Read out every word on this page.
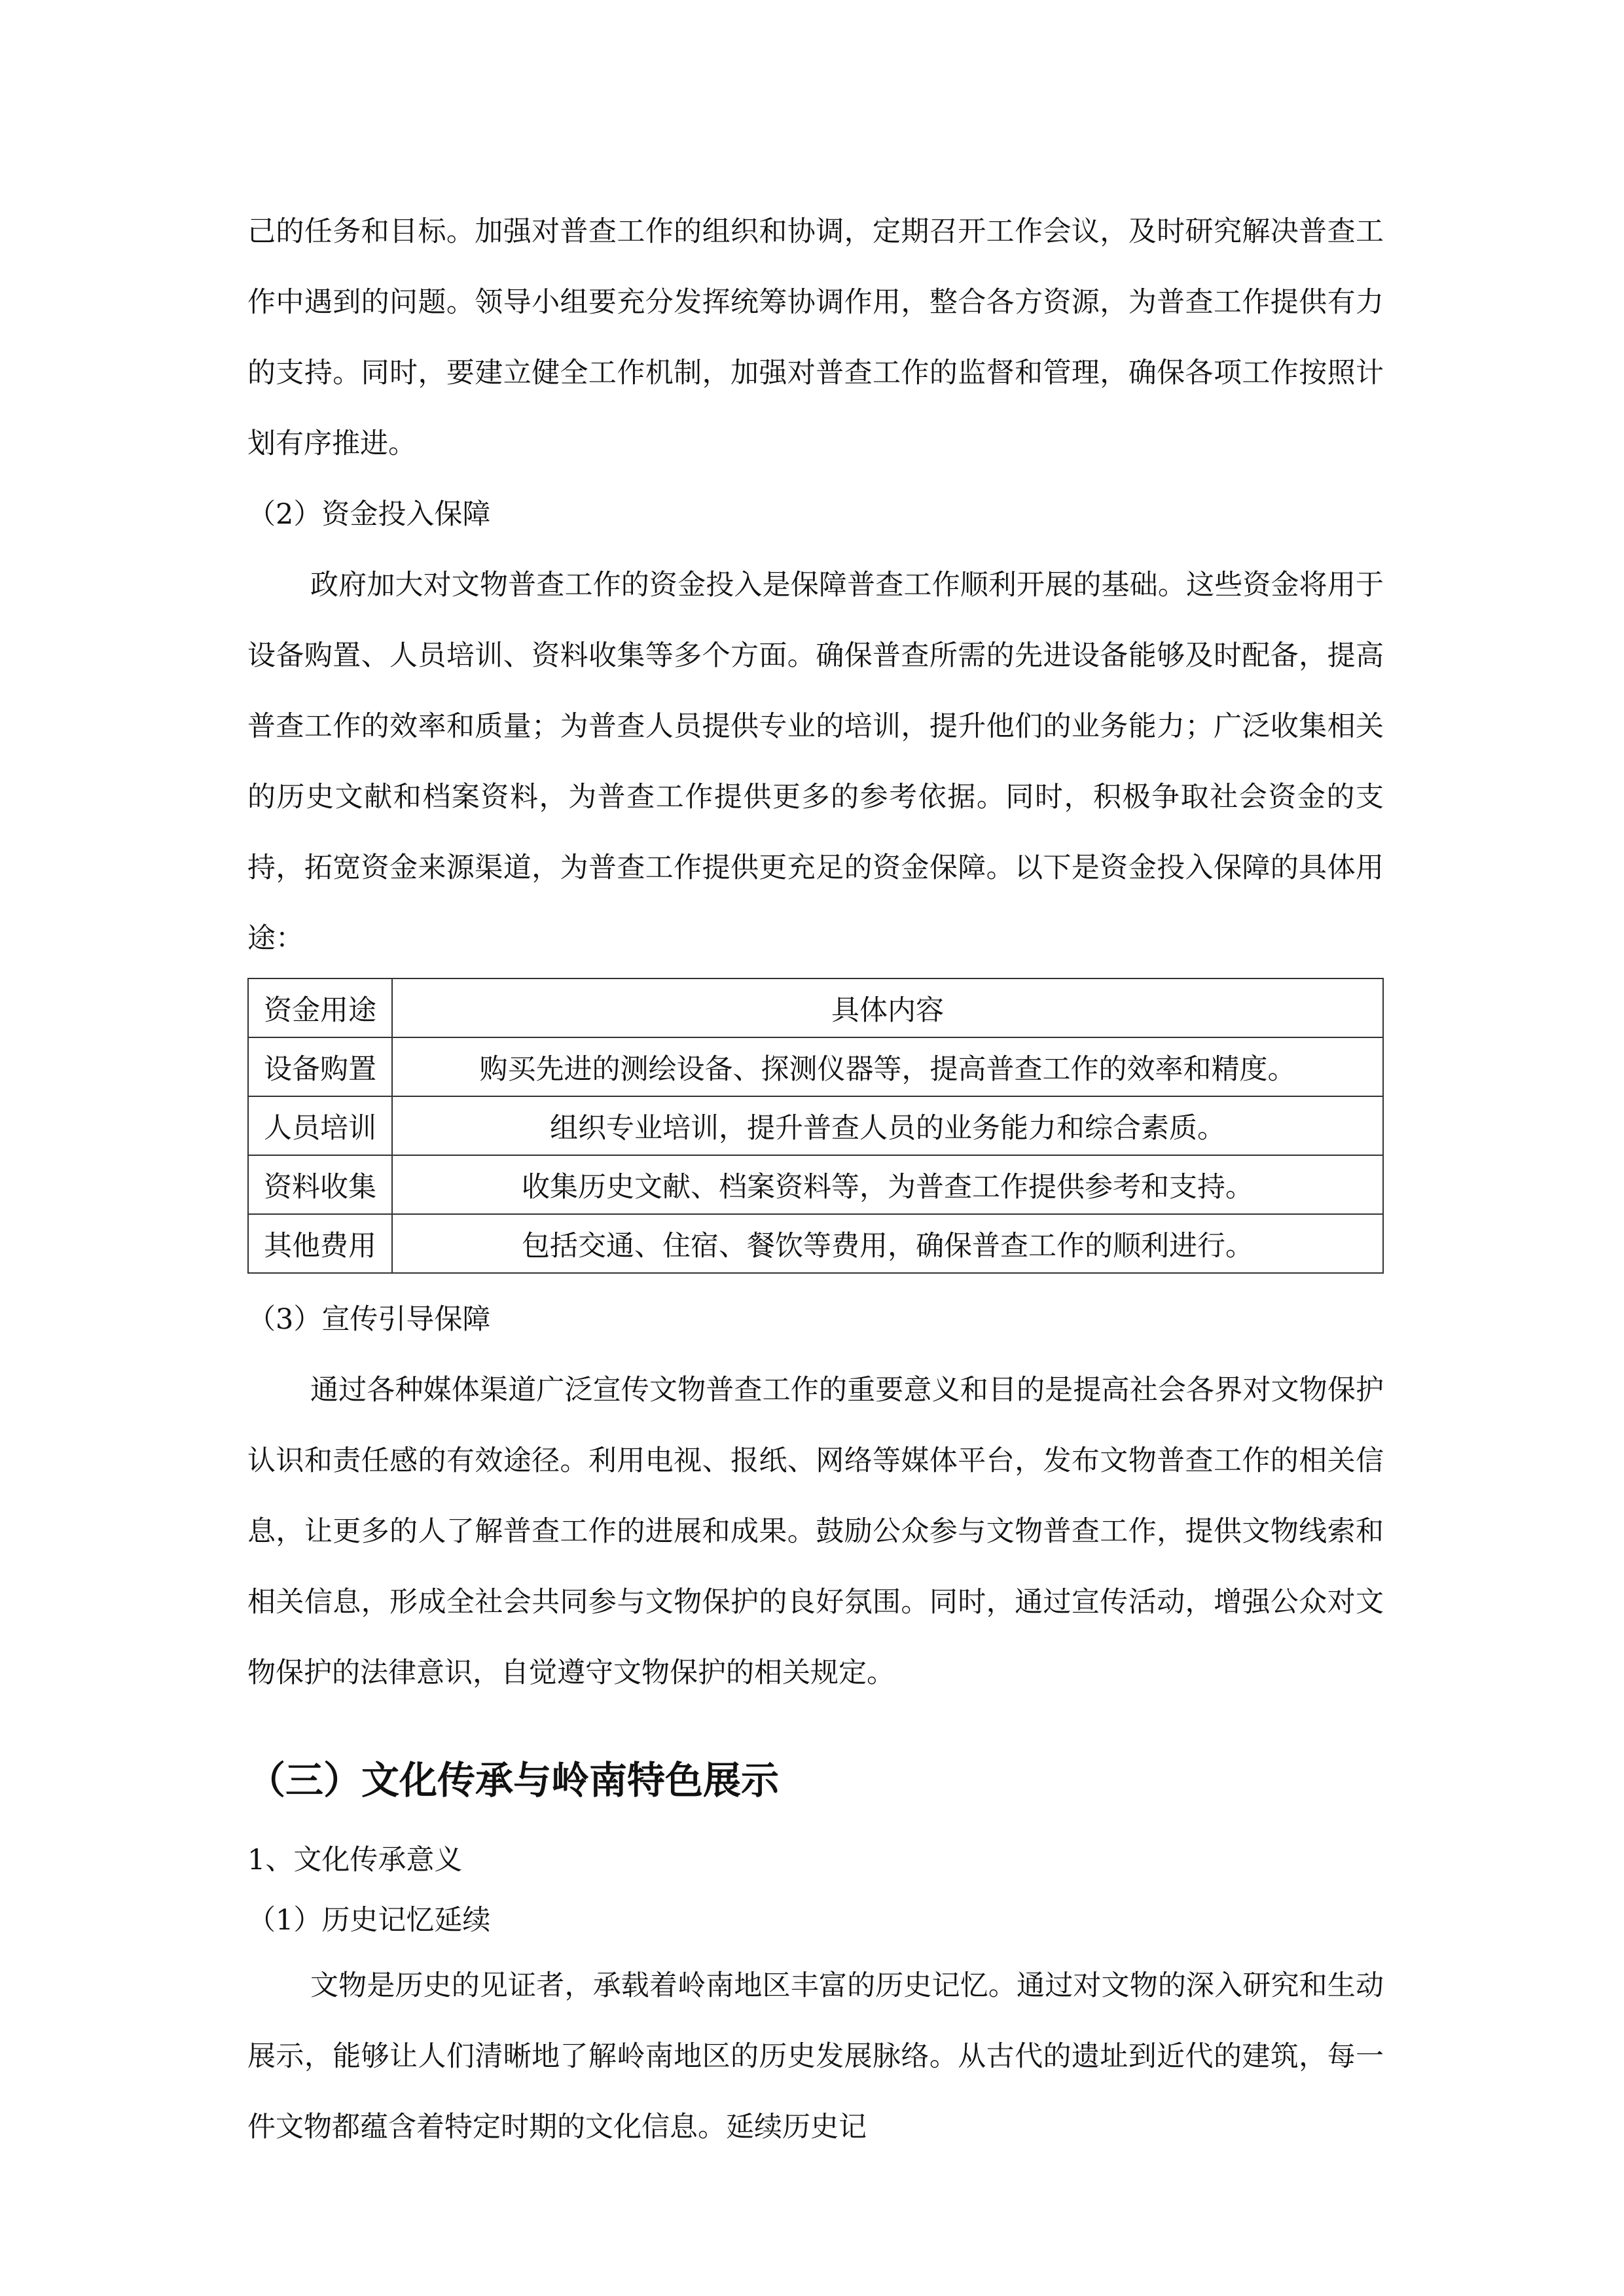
己的任务和目标。加强对普查工作的组织和协调，定期召开工作会议，及时研究解决普查工作中遇到的问题。领导小组要充分发挥统筹协调作用，整合各方资源，为普查工作提供有力的支持。同时，要建立健全工作机制，加强对普查工作的监督和管理，确保各项工作按照计划有序推进。

（2）资金投入保障

政府加大对文物普查工作的资金投入是保障普查工作顺利开展的基础。这些资金将用于设备购置、人员培训、资料收集等多个方面。确保普查所需的先进设备能够及时配备，提高普查工作的效率和质量；为普查人员提供专业的培训，提升他们的业务能力；广泛收集相关的历史文献和档案资料，为普查工作提供更多的参考依据。同时，积极争取社会资金的支持，拓宽资金来源渠道，为普查工作提供更充足的资金保障。以下是资金投入保障的具体用途：

资金用途	具体内容
设备购置	购买先进的测绘设备、探测仪器等，提高普查工作的效率和精度。
人员培训	组织专业培训，提升普查人员的业务能力和综合素质。
资料收集	收集历史文献、档案资料等，为普查工作提供参考和支持。
其他费用	包括交通、住宿、餐饮等费用，确保普查工作的顺利进行。

（3）宣传引导保障

通过各种媒体渠道广泛宣传文物普查工作的重要意义和目的是提高社会各界对文物保护认识和责任感的有效途径。利用电视、报纸、网络等媒体平台，发布文物普查工作的相关信息，让更多的人了解普查工作的进展和成果。鼓励公众参与文物普查工作，提供文物线索和相关信息，形成全社会共同参与文物保护的良好氛围。同时，通过宣传活动，增强公众对文物保护的法律意识，自觉遵守文物保护的相关规定。

（三）文化传承与岭南特色展示

1、文化传承意义

（1）历史记忆延续

文物是历史的见证者，承载着岭南地区丰富的历史记忆。通过对文物的深入研究和生动展示，能够让人们清晰地了解岭南地区的历史发展脉络。从古代的遗址到近代的建筑，每一件文物都蕴含着特定时期的文化信息。延续历史记
